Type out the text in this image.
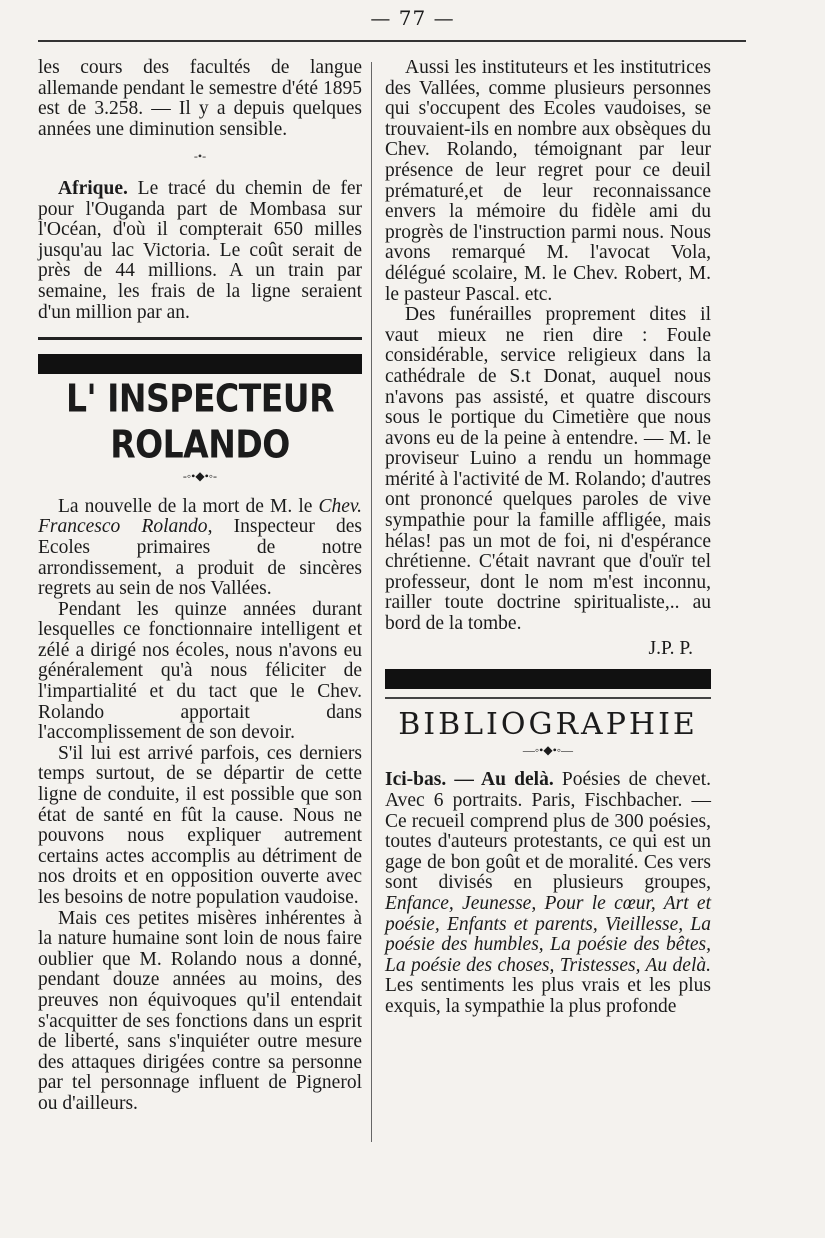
— 77 —

les cours des facultés de langue allemande pendant le semestre d'été 1895 est de 3.258. — Il y a depuis quelques années une diminution sensible.

-•-

Afrique. Le tracé du chemin de fer pour l'Ouganda part de Mombasa sur l'Océan, d'où il compterait 650 milles jusqu'au lac Victoria. Le coût serait de près de 44 millions. A un train par semaine, les frais de la ligne seraient d'un million par an.

L' INSPECTEUR ROLANDO
-◦•◆•◦-

La nouvelle de la mort de M. le Chev. Francesco Rolando, Inspecteur des Ecoles primaires de notre arrondissement, a produit de sincères regrets au sein de nos Vallées.

Pendant les quinze années durant lesquelles ce fonctionnaire intelligent et zélé a dirigé nos écoles, nous n'avons eu généralement qu'à nous féliciter de l'impartialité et du tact que le Chev. Rolando apportait dans l'accomplissement de son devoir.

S'il lui est arrivé parfois, ces derniers temps surtout, de se départir de cette ligne de conduite, il est possible que son état de santé en fût la cause. Nous ne pouvons nous expliquer autrement certains actes accomplis au détriment de nos droits et en opposition ouverte avec les besoins de notre population vaudoise.

Mais ces petites misères inhérentes à la nature humaine sont loin de nous faire oublier que M. Rolando nous a donné, pendant douze années au moins, des preuves non équivoques qu'il entendait s'acquitter de ses fonctions dans un esprit de liberté, sans s'inquiéter outre mesure des attaques dirigées contre sa personne par tel personnage influent de Pignerol ou d'ailleurs.

Aussi les instituteurs et les institutrices des Vallées, comme plusieurs personnes qui s'occupent des Ecoles vaudoises, se trouvaient-ils en nombre aux obsèques du Chev. Rolando, témoignant par leur présence de leur regret pour ce deuil prématuré,et de leur reconnaissance envers la mémoire du fidèle ami du progrès de l'instruction parmi nous. Nous avons remarqué M. l'avocat Vola, délégué scolaire, M. le Chev. Robert, M. le pasteur Pascal. etc.

Des funérailles proprement dites il vaut mieux ne rien dire : Foule considérable, service religieux dans la cathédrale de S.t Donat, auquel nous n'avons pas assisté, et quatre discours sous le portique du Cimetière que nous avons eu de la peine à entendre. — M. le proviseur Luino a rendu un hommage mérité à l'activité de M. Rolando; d'autres ont prononcé quelques paroles de vive sympathie pour la famille affligée, mais hélas! pas un mot de foi, ni d'espérance chrétienne. C'était navrant que d'ouïr tel professeur, dont le nom m'est inconnu, railler toute doctrine spiritualiste,.. au bord de la tombe.

J.P. P.
BIBLIOGRAPHIE
—◦•◆•◦—

Ici-bas. — Au delà. Poésies de chevet. Avec 6 portraits. Paris, Fischbacher. — Ce recueil comprend plus de 300 poésies, toutes d'auteurs protestants, ce qui est un gage de bon goût et de moralité. Ces vers sont divisés en plusieurs groupes, Enfance, Jeunesse, Pour le cœur, Art et poésie, Enfants et parents, Vieillesse, La poésie des humbles, La poésie des bêtes, La poésie des choses, Tristesses, Au delà. Les sentiments les plus vrais et les plus exquis, la sympathie la plus profonde
